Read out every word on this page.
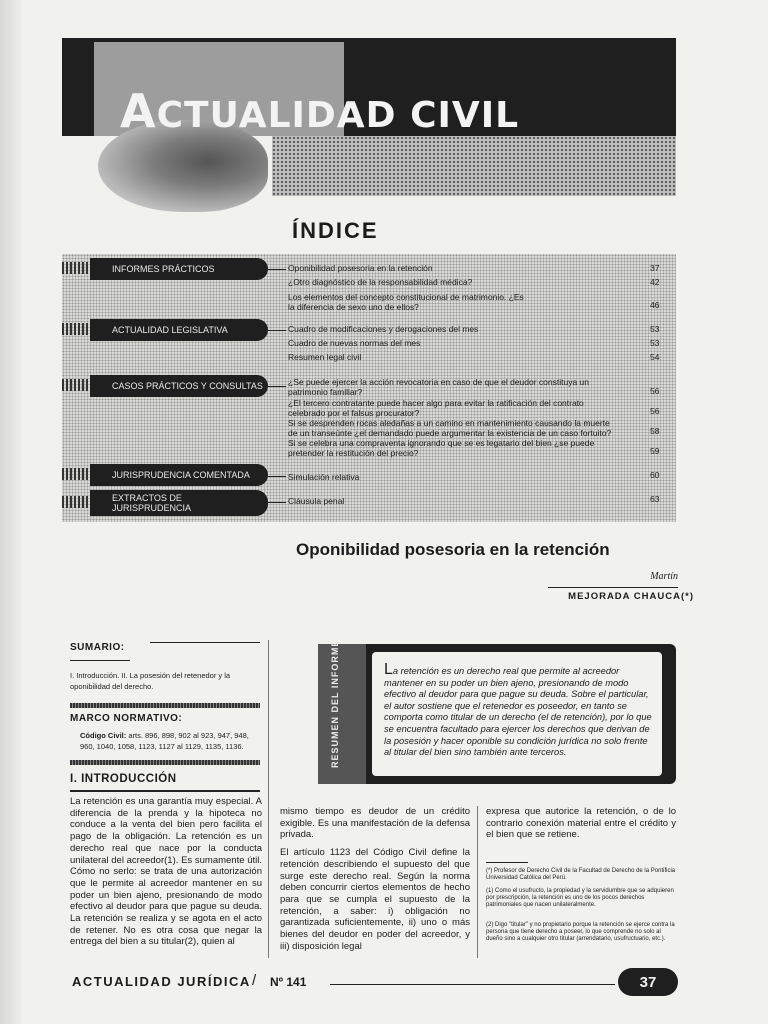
ACTUALIDAD CIVIL
ÍNDICE
INFORMES PRÁCTICOS
ACTUALIDAD LEGISLATIVA
CASOS PRÁCTICOS Y CONSULTAS
JURISPRUDENCIA COMENTADA
EXTRACTOS DE JURISPRUDENCIA
Oponibilidad posesoria en la retención	37
¿Otro diagnóstico de la responsabilidad médica?	42
Los elementos del concepto constitucional de matrimonio. ¿Es la diferencia de sexo uno de ellos?	46
Cuadro de modificaciones y derogaciones del mes	53
Cuadro de nuevas normas del mes	53
Resumen legal civil	54
¿Se puede ejercer la acción revocatoria en caso de que el deudor constituya un patrimonio familiar?	56
¿El tercero contratante puede hacer algo para evitar la ratificación del contrato celebrado por el falsus procurator?	56
Si se desprenden rocas aledañas a un camino en mantenimiento causando la muerte de un transeúnte ¿el demandado puede argumentar la existencia de un caso fortuito?	58
Si se celebra una compraventa ignorando que se es legatario del bien ¿se puede pretender la restitución del precio?	59
Simulación relativa	60
Cláusula penal	63
Oponibilidad posesoria en la retención
Martín
MEJORADA CHAUCA(*)
SUMARIO:
I. Introducción. II. La posesión del retenedor y la oponibilidad del derecho.
MARCO NORMATIVO:
Código Civil: arts. 896, 898, 902 al 923, 947, 948, 960, 1040, 1058, 1123, 1127 al 1129, 1135, 1136.	RESUMEN DEL INFORME	La retención es un derecho real que permite al acreedor mantener en su poder un bien ajeno, presionando de modo efectivo al deudor para que pague su deuda. Sobre el particular, el autor sostiene que el retenedor es poseedor, en tanto se comporta como titular de un derecho (el de retención), por lo que se encuentra facultado para ejercer los derechos que derivan de la posesión y hacer oponible su condición jurídica no solo frente al titular del bien sino también ante terceros.
I. INTRODUCCIÓN
La retención es una garantía muy especial. A diferencia de la prenda y la hipoteca no conduce a la venta del bien pero facilita el pago de la obligación. La retención es un derecho real que nace por la conducta unilateral del acreedor(1). Es sumamente útil. Cómo no serlo: se trata de una autorización que le permite al acreedor mantener en su poder un bien ajeno, presionando de modo efectivo al deudor para que pague su deuda. La retención se realiza y se agota en el acto de retener. No es otra cosa que negar la entrega del bien a su titular(2), quien al
mismo tiempo es deudor de un crédito exigible. Es una manifestación de la defensa privada.
El artículo 1123 del Código Civil define la retención describiendo el supuesto del que surge este derecho real. Según la norma deben concurrir ciertos elementos de hecho para que se cumpla el supuesto de la retención, a saber: i) obligación no garantizada suficientemente, ii) uno o más bienes del deudor en poder del acreedor, y iii) disposición legal
expresa que autorice la retención, o de lo contrario conexión material entre el crédito y el bien que se retiene.
(*) Profesor de Derecho Civil de la Facultad de Derecho de la Pontificia Universidad Católica del Perú.
(1) Como el usufructo, la propiedad y la servidumbre que se adquieren por prescripción, la retención es uno de los pocos derechos patrimoniales que nacen unilateralmente.
(2) Digo "titular" y no propietario porque la retención se ejerce contra la persona que tiene derecho a poseer, lo que comprende no solo al dueño sino a cualquier otro titular (arrendatario, usufructuario, etc.).
ACTUALIDAD JURÍDICA / Nº 141	37
